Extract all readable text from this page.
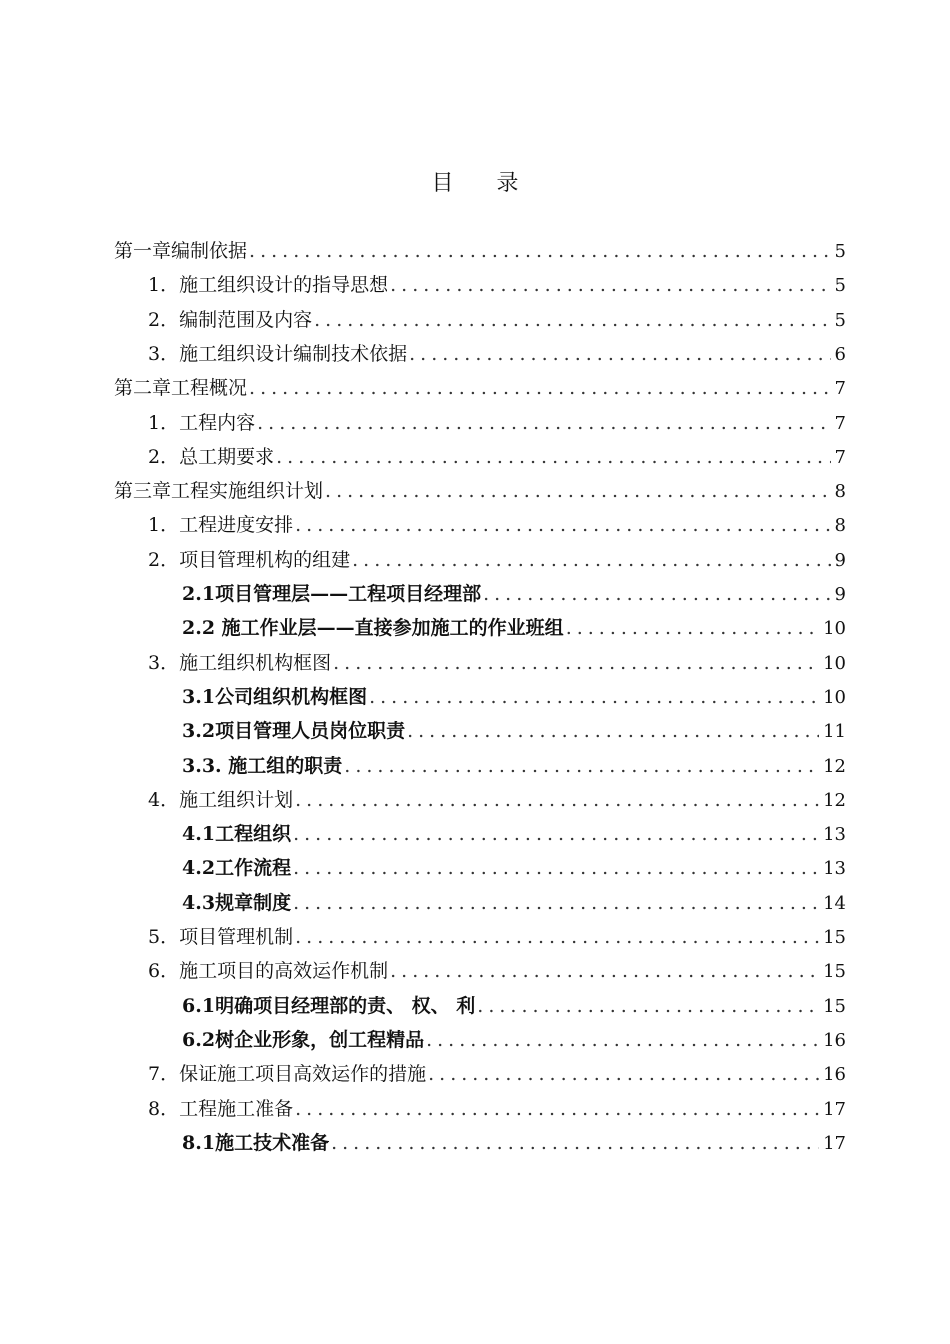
目 录
第一章 编制依据 .....	5
1． 施工组织设计的指导思想 .....	5
2． 编制范围及内容 .....	5
3． 施工组织设计编制技术依据 .....	6
第二章 工程概况 .....	7
1． 工程内容 .....	7
2． 总工期要求 .....	7
第三章 工程实施组织计划 .....	8
1． 工程进度安排 .....	8
2． 项目管理机构的组建 .....	9
2.1 项目管理层——工程项目经理部 .....	9
2.2 施工作业层——直接参加施工的作业班组 .....	10
3． 施工组织机构框图 .....	10
3.1 公司组织机构框图 .....	10
3.2 项目管理人员岗位职责 .....	11
3.3. 施工组的职责 .....	12
4． 施工组织计划 .....	12
4.1 工程组织 .....	13
4.2 工作流程 .....	13
4.3 规章制度 .....	14
5． 项目管理机制 .....	15
6． 施工项目的高效运作机制 .....	15
6.1 明确项目经理部的责、 权、 利 .....	15
6.2 树企业形象，创工程精品 .....	16
7． 保证施工项目高效运作的措施 .....	16
8． 工程施工准备 .....	17
8.1 施工技术准备 .....	17
